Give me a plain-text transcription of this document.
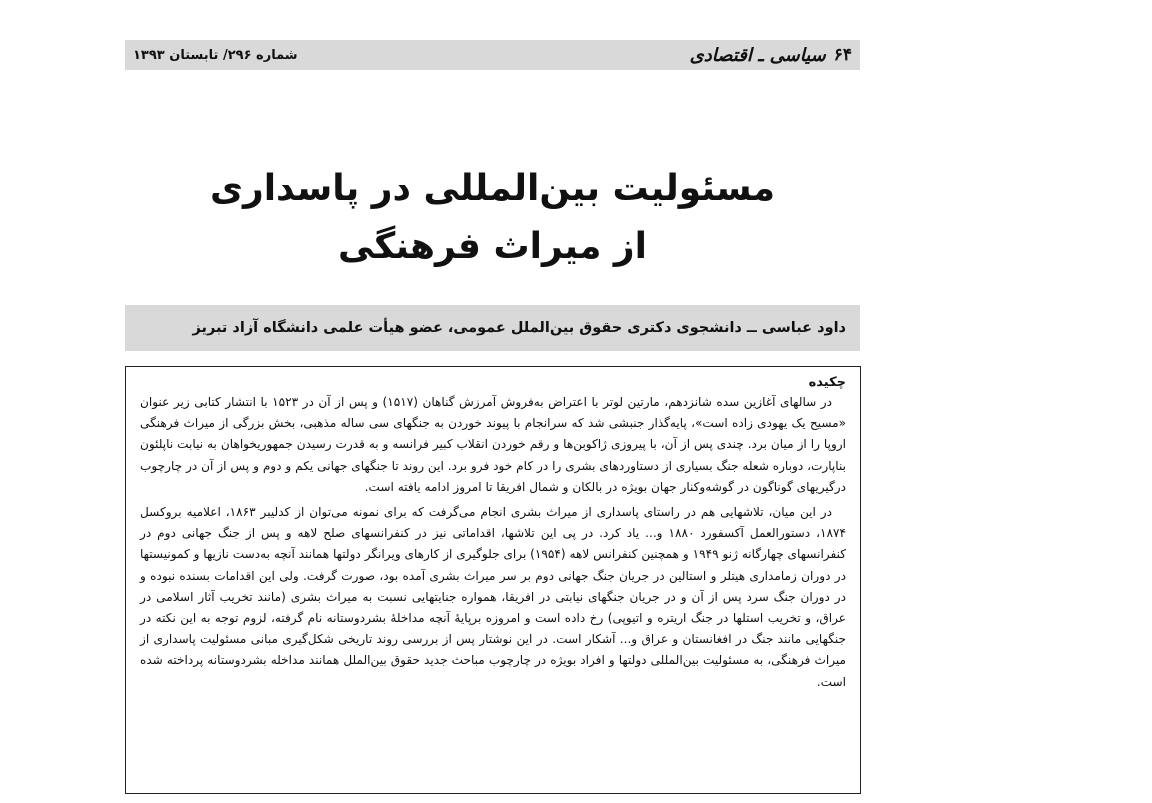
۶۴
سیاسی ـ اقتصادی
شماره ۲۹۶/ تابستان ۱۳۹۳
مسئولیت بین‌المللی در پاسداری
از میراث فرهنگی
داود عباسی ــ دانشجوی دکتری حقوق بین‌الملل عمومی، عضو هیأت علمی دانشگاه آزاد تبریز
چکیده

در سالهای آغازین سده شانزدهم، مارتین لوتر با اعتراض به‌فروش آمرزش گناهان (۱۵۱۷) و پس از آن در ۱۵۲۳ با انتشار کتابی زیر عنوان «مسیح یک یهودی زاده است»، پایه‌گذار جنبشی شد که سرانجام با پیوند خوردن به جنگهای سی ساله مذهبی، بخش بزرگی از میراث فرهنگی اروپا را از میان برد. چندی پس از آن، با پیروزی ژاکوبن‌ها و رقم خوردن انقلاب کبیر فرانسه و به قدرت رسیدن جمهوریخواهان به نیابت ناپلئون بناپارت، دوباره شعله جنگ بسیاری از دستاوردهای بشری را در کام خود فرو برد. این روند تا جنگهای جهانی یکم و دوم و پس از آن در چارچوب درگیریهای گوناگون در گوشه‌وکنار جهان بویژه در بالکان و شمال افریقا تا امروز ادامه یافته است.

در این میان، تلاشهایی هم در راستای پاسداری از میراث بشری انجام می‌گرفت که برای نمونه می‌توان از کدلیبر ۱۸۶۳، اعلامیه بروکسل ۱۸۷۴، دستورالعمل آکسفورد ۱۸۸۰ و... یاد کرد. در پی این تلاشها، اقداماتی نیز در کنفرانسهای صلح لاهه و پس از جنگ جهانی دوم در کنفرانسهای چهارگانه ژنو ۱۹۴۹ و همچنین کنفرانس لاهه (۱۹۵۴) برای جلوگیری از کارهای ویرانگر دولتها همانند آنچه به‌دست نازیها و کمونیستها در دوران زمامداری هیتلر و استالین در جریان جنگ جهانی دوم بر سر میراث بشری آمده بود، صورت گرفت. ولی این اقدامات بسنده نبوده و در دوران جنگ سرد پس از آن و در جریان جنگهای نیابتی در افریقا، همواره جنایتهایی نسبت به میراث بشری (مانند تخریب آثار اسلامی در عراق، و تخریب استلها در جنگ اریتره و اتیوپی) رخ داده است و امروزه برپایهٔ آنچه مداخلهٔ بشردوستانه نام گرفته، لزوم توجه به این نکته در جنگهایی مانند جنگ در افغانستان و عراق و... آشکار است. در این نوشتار پس از بررسی روند تاریخی شکل‌گیری مبانی مسئولیت پاسداری از میراث فرهنگی، به مسئولیت بین‌المللی دولتها و افراد بویژه در چارچوب مباحث جدید حقوق بین‌الملل همانند مداخله بشردوستانه پرداخته شده است.
